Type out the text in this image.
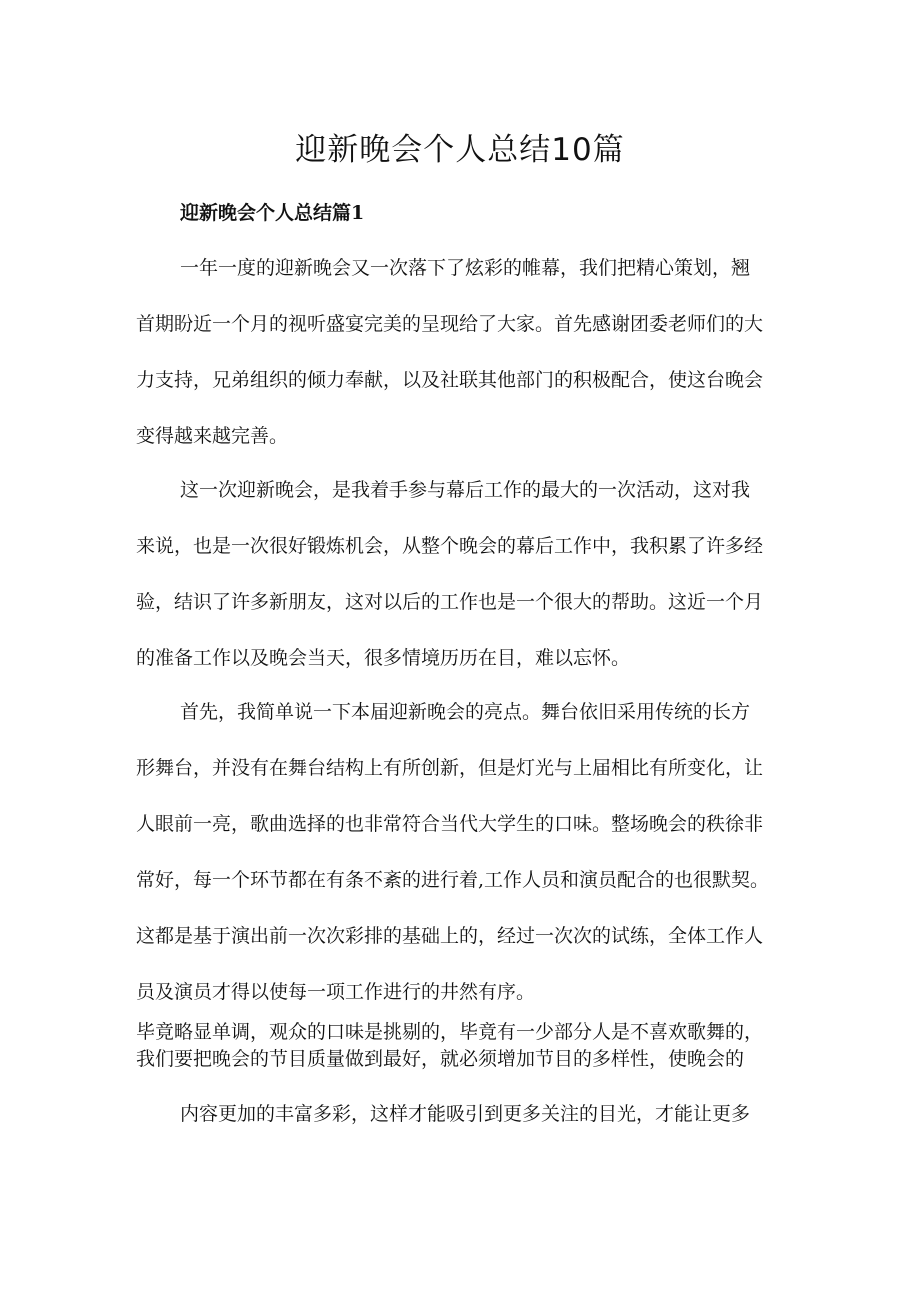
迎新晚会个人总结10篇
迎新晚会个人总结篇1
一年一度的迎新晚会又一次落下了炫彩的帷幕，我们把精心策划，翘
首期盼近一个月的视听盛宴完美的呈现给了大家。首先感谢团委老师们的大
力支持，兄弟组织的倾力奉献，以及社联其他部门的积极配合，使这台晚会
变得越来越完善。
这一次迎新晚会，是我着手参与幕后工作的最大的一次活动，这对我
来说，也是一次很好锻炼机会，从整个晚会的幕后工作中，我积累了许多经
验，结识了许多新朋友，这对以后的工作也是一个很大的帮助。这近一个月
的准备工作以及晚会当天，很多情境历历在目，难以忘怀。
首先，我简单说一下本届迎新晚会的亮点。舞台依旧采用传统的长方
形舞台，并没有在舞台结构上有所创新，但是灯光与上届相比有所变化，让
人眼前一亮，歌曲选择的也非常符合当代大学生的口味。整场晚会的秩徐非
常好，每一个环节都在有条不紊的进行着,工作人员和演员配合的也很默契。
这都是基于演出前一次次彩排的基础上的，经过一次次的试练，全体工作人
员及演员才得以使每一项工作进行的井然有序。
毕竟略显单调，观众的口味是挑剔的，毕竟有一少部分人是不喜欢歌舞的，
我们要把晚会的节目质量做到最好，就必须增加节目的多样性，使晚会的
内容更加的丰富多彩，这样才能吸引到更多关注的目光，才能让更多
